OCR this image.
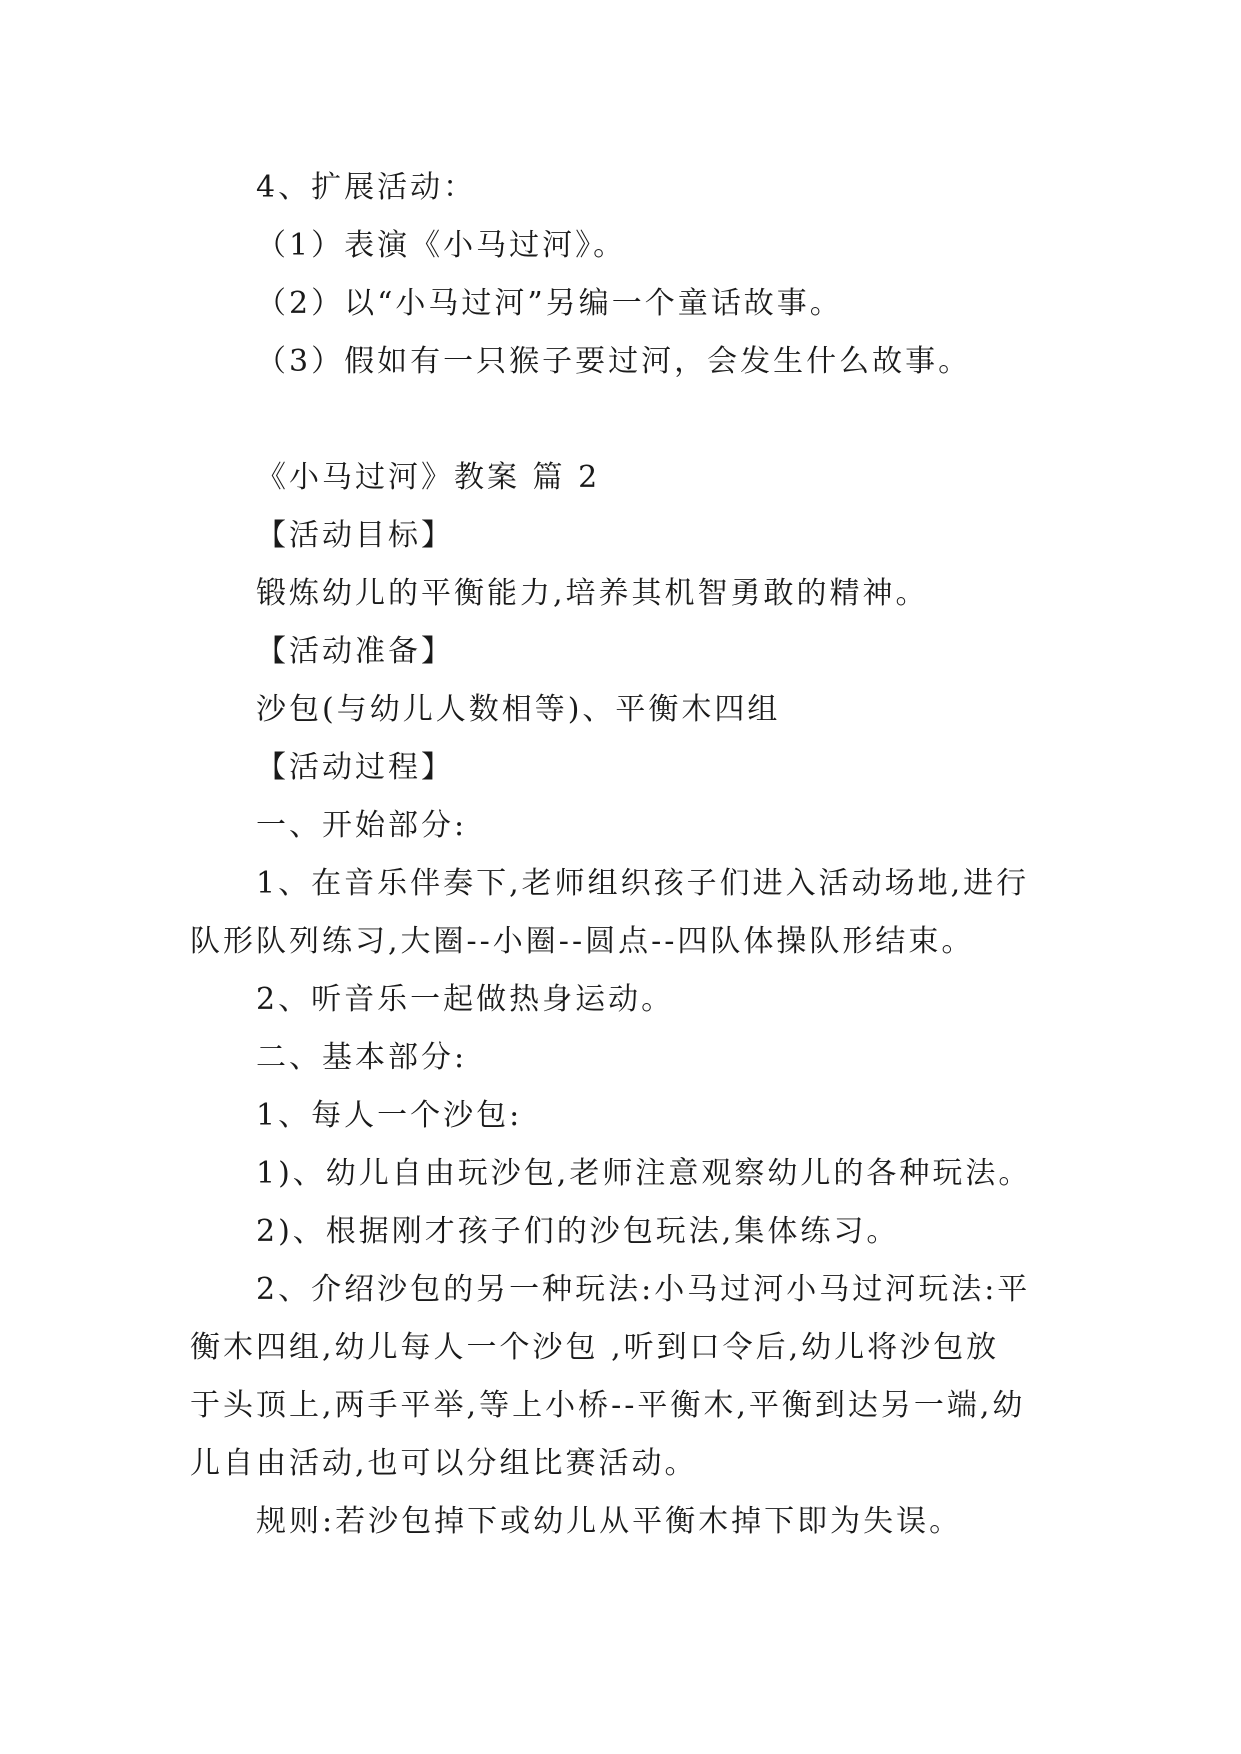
4、扩展活动：
（1）表演《小马过河》。
（2）以“小马过河”另编一个童话故事。
（3）假如有一只猴子要过河，会发生什么故事。
《小马过河》教案 篇 2
【活动目标】
锻炼幼儿的平衡能力,培养其机智勇敢的精神。
【活动准备】
沙包(与幼儿人数相等)、平衡木四组
【活动过程】
一、开始部分:
1、在音乐伴奏下,老师组织孩子们进入活动场地,进行
队形队列练习,大圈--小圈--圆点--四队体操队形结束。
2、听音乐一起做热身运动。
二、基本部分:
1、每人一个沙包:
1)、幼儿自由玩沙包,老师注意观察幼儿的各种玩法。
2)、根据刚才孩子们的沙包玩法,集体练习。
2、介绍沙包的另一种玩法:小马过河小马过河玩法:平
衡木四组,幼儿每人一个沙包 ,听到口令后,幼儿将沙包放
于头顶上,两手平举,等上小桥--平衡木,平衡到达另一端,幼
儿自由活动,也可以分组比赛活动。
规则:若沙包掉下或幼儿从平衡木掉下即为失误。
